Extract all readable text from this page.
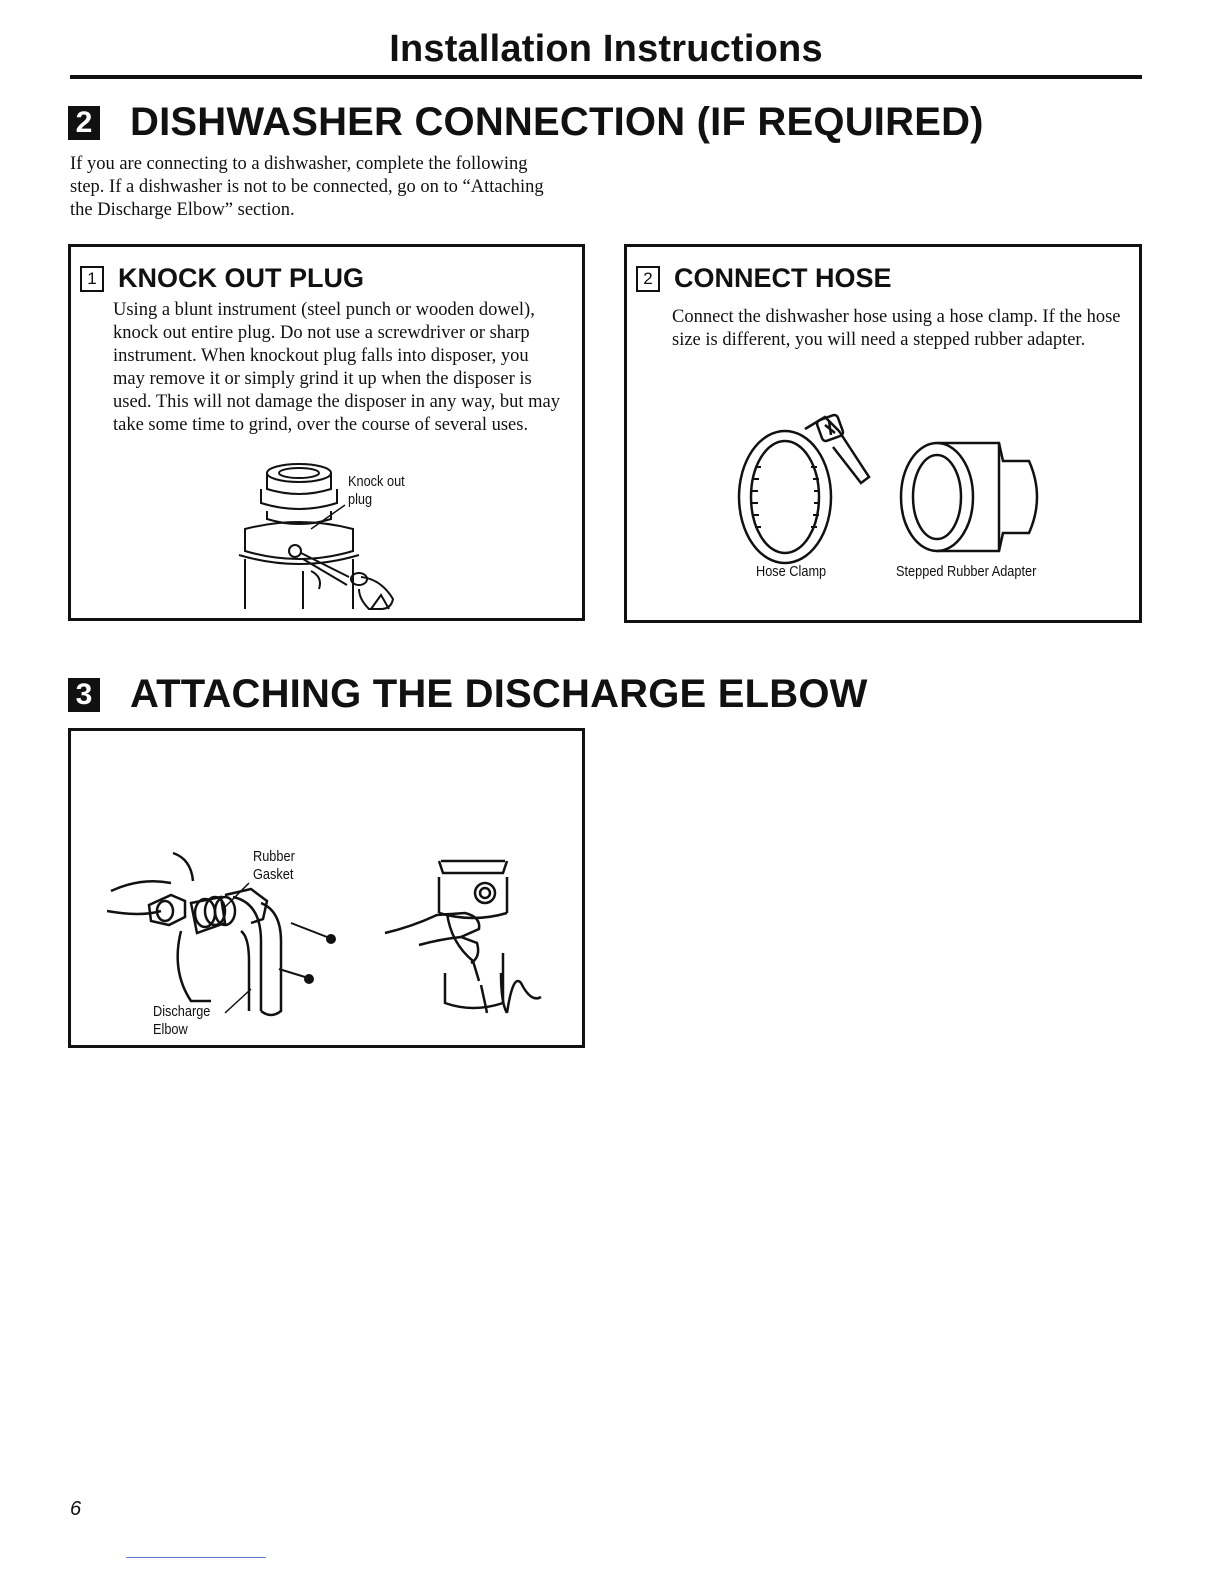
Installation Instructions
2 DISHWASHER CONNECTION (IF REQUIRED)
If you are connecting to a dishwasher, complete the following step. If a dishwasher is not to be connected, go on to “Attaching the Discharge Elbow” section.
1 KNOCK OUT PLUG
Using a blunt instrument (steel punch or wooden dowel), knock out entire plug. Do not use a screwdriver or sharp instrument. When knockout plug falls into disposer, you may remove it or simply grind it up when the disposer is used. This will not damage the disposer in any way, but may take some time to grind, over the course of several uses.
Knock out
plug
2 CONNECT HOSE
Connect the dishwasher hose using a hose clamp. If the hose size is different, you will need a stepped rubber adapter.
Hose Clamp	Stepped Rubber Adapter
3 ATTACHING THE DISCHARGE ELBOW
Rubber
Gasket
Discharge
Elbow
6
